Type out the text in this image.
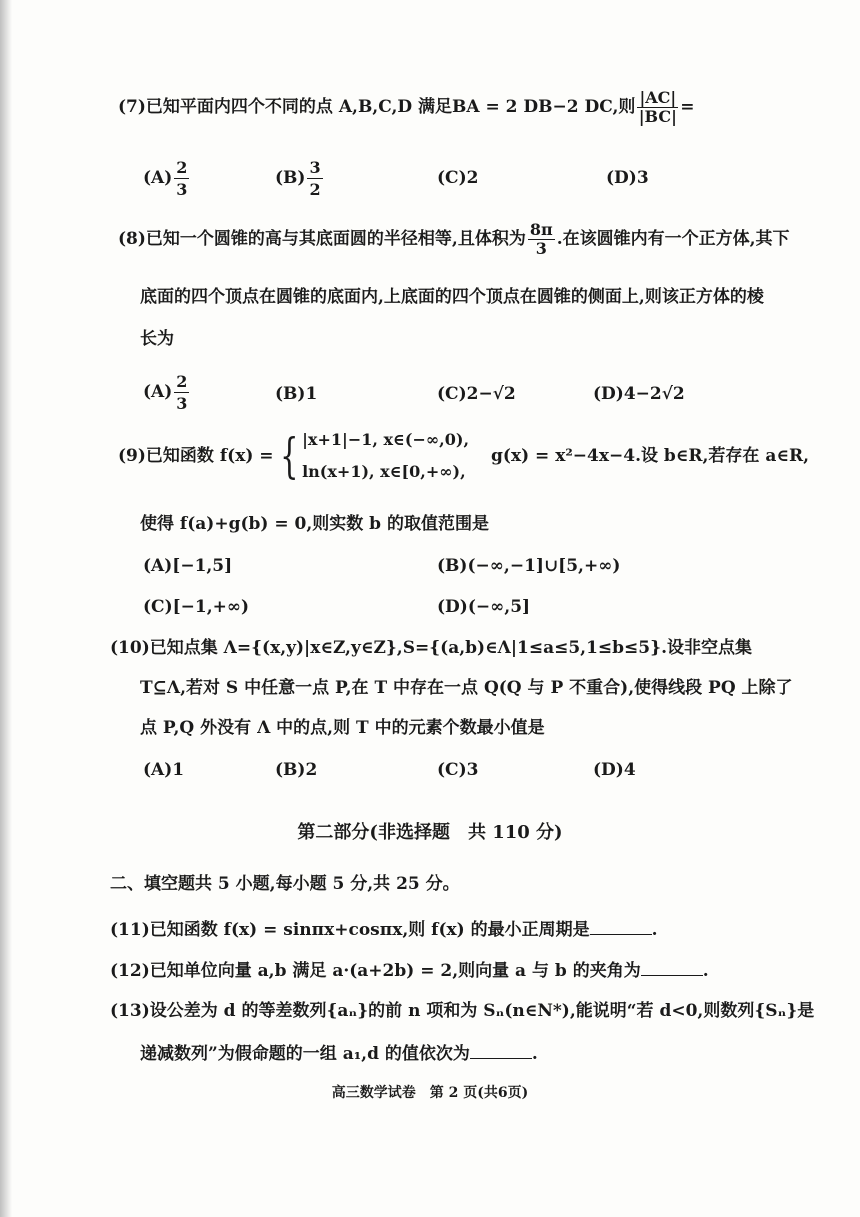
(7)已知平面内四个不同的点 A,B,C,D 满足BA = 2 DB−2 DC,则 $\frac{|AC|}{|BC|}$ =
$(A) \frac{2}{3}$	$(B) \frac{3}{2}$	(C)2	(D)3
(8)已知一个圆锥的高与其底面圆的半径相等,且体积为 $\frac{8\pi}{3}$ .在该圆锥内有一个正方体,其下
底面的四个顶点在圆锥的底面内,上底面的四个顶点在圆锥的侧面上,则该正方体的棱
长为
$(A) \frac{2}{3}$	(B)1	(C)2−√2	(D)4−2√2
(9)已知函数 f(x) = { |x+1|−1, x∈(−∞,0),
ln(x+1), x∈[0,+∞),
g(x) = x²−4x−4.设 b∈R,若存在 a∈R,
使得 f(a)+g(b) = 0,则实数 b 的取值范围是
(A)[−1,5]	(B)(−∞,−1]∪[5,+∞)
(C)[−1,+∞)	(D)(−∞,5]
(10)已知点集 Λ={(x,y)|x∈Z,y∈Z},S={(a,b)∈Λ|1≤a≤5,1≤b≤5}.设非空点集
T⊆Λ,若对 S 中任意一点 P,在 T 中存在一点 Q(Q 与 P 不重合),使得线段 PQ 上除了
点 P,Q 外没有 Λ 中的点,则 T 中的元素个数最小值是
(A)1	(B)2	(C)3	(D)4
第二部分(非选择题　共 110 分)
二、填空题共 5 小题,每小题 5 分,共 25 分。
(11)已知函数 f(x) = sinπx+cosπx,则 f(x) 的最小正周期是	.
(12)已知单位向量 a,b 满足 a·(a+2b) = 2,则向量 a 与 b 的夹角为	.
(13)设公差为 d 的等差数列{aₙ}的前 n 项和为 Sₙ(n∈N*),能说明“若 d<0,则数列{Sₙ}是
递减数列”为假命题的一组 a₁,d 的值依次为	.
高三数学试卷　第 2 页(共6页)
